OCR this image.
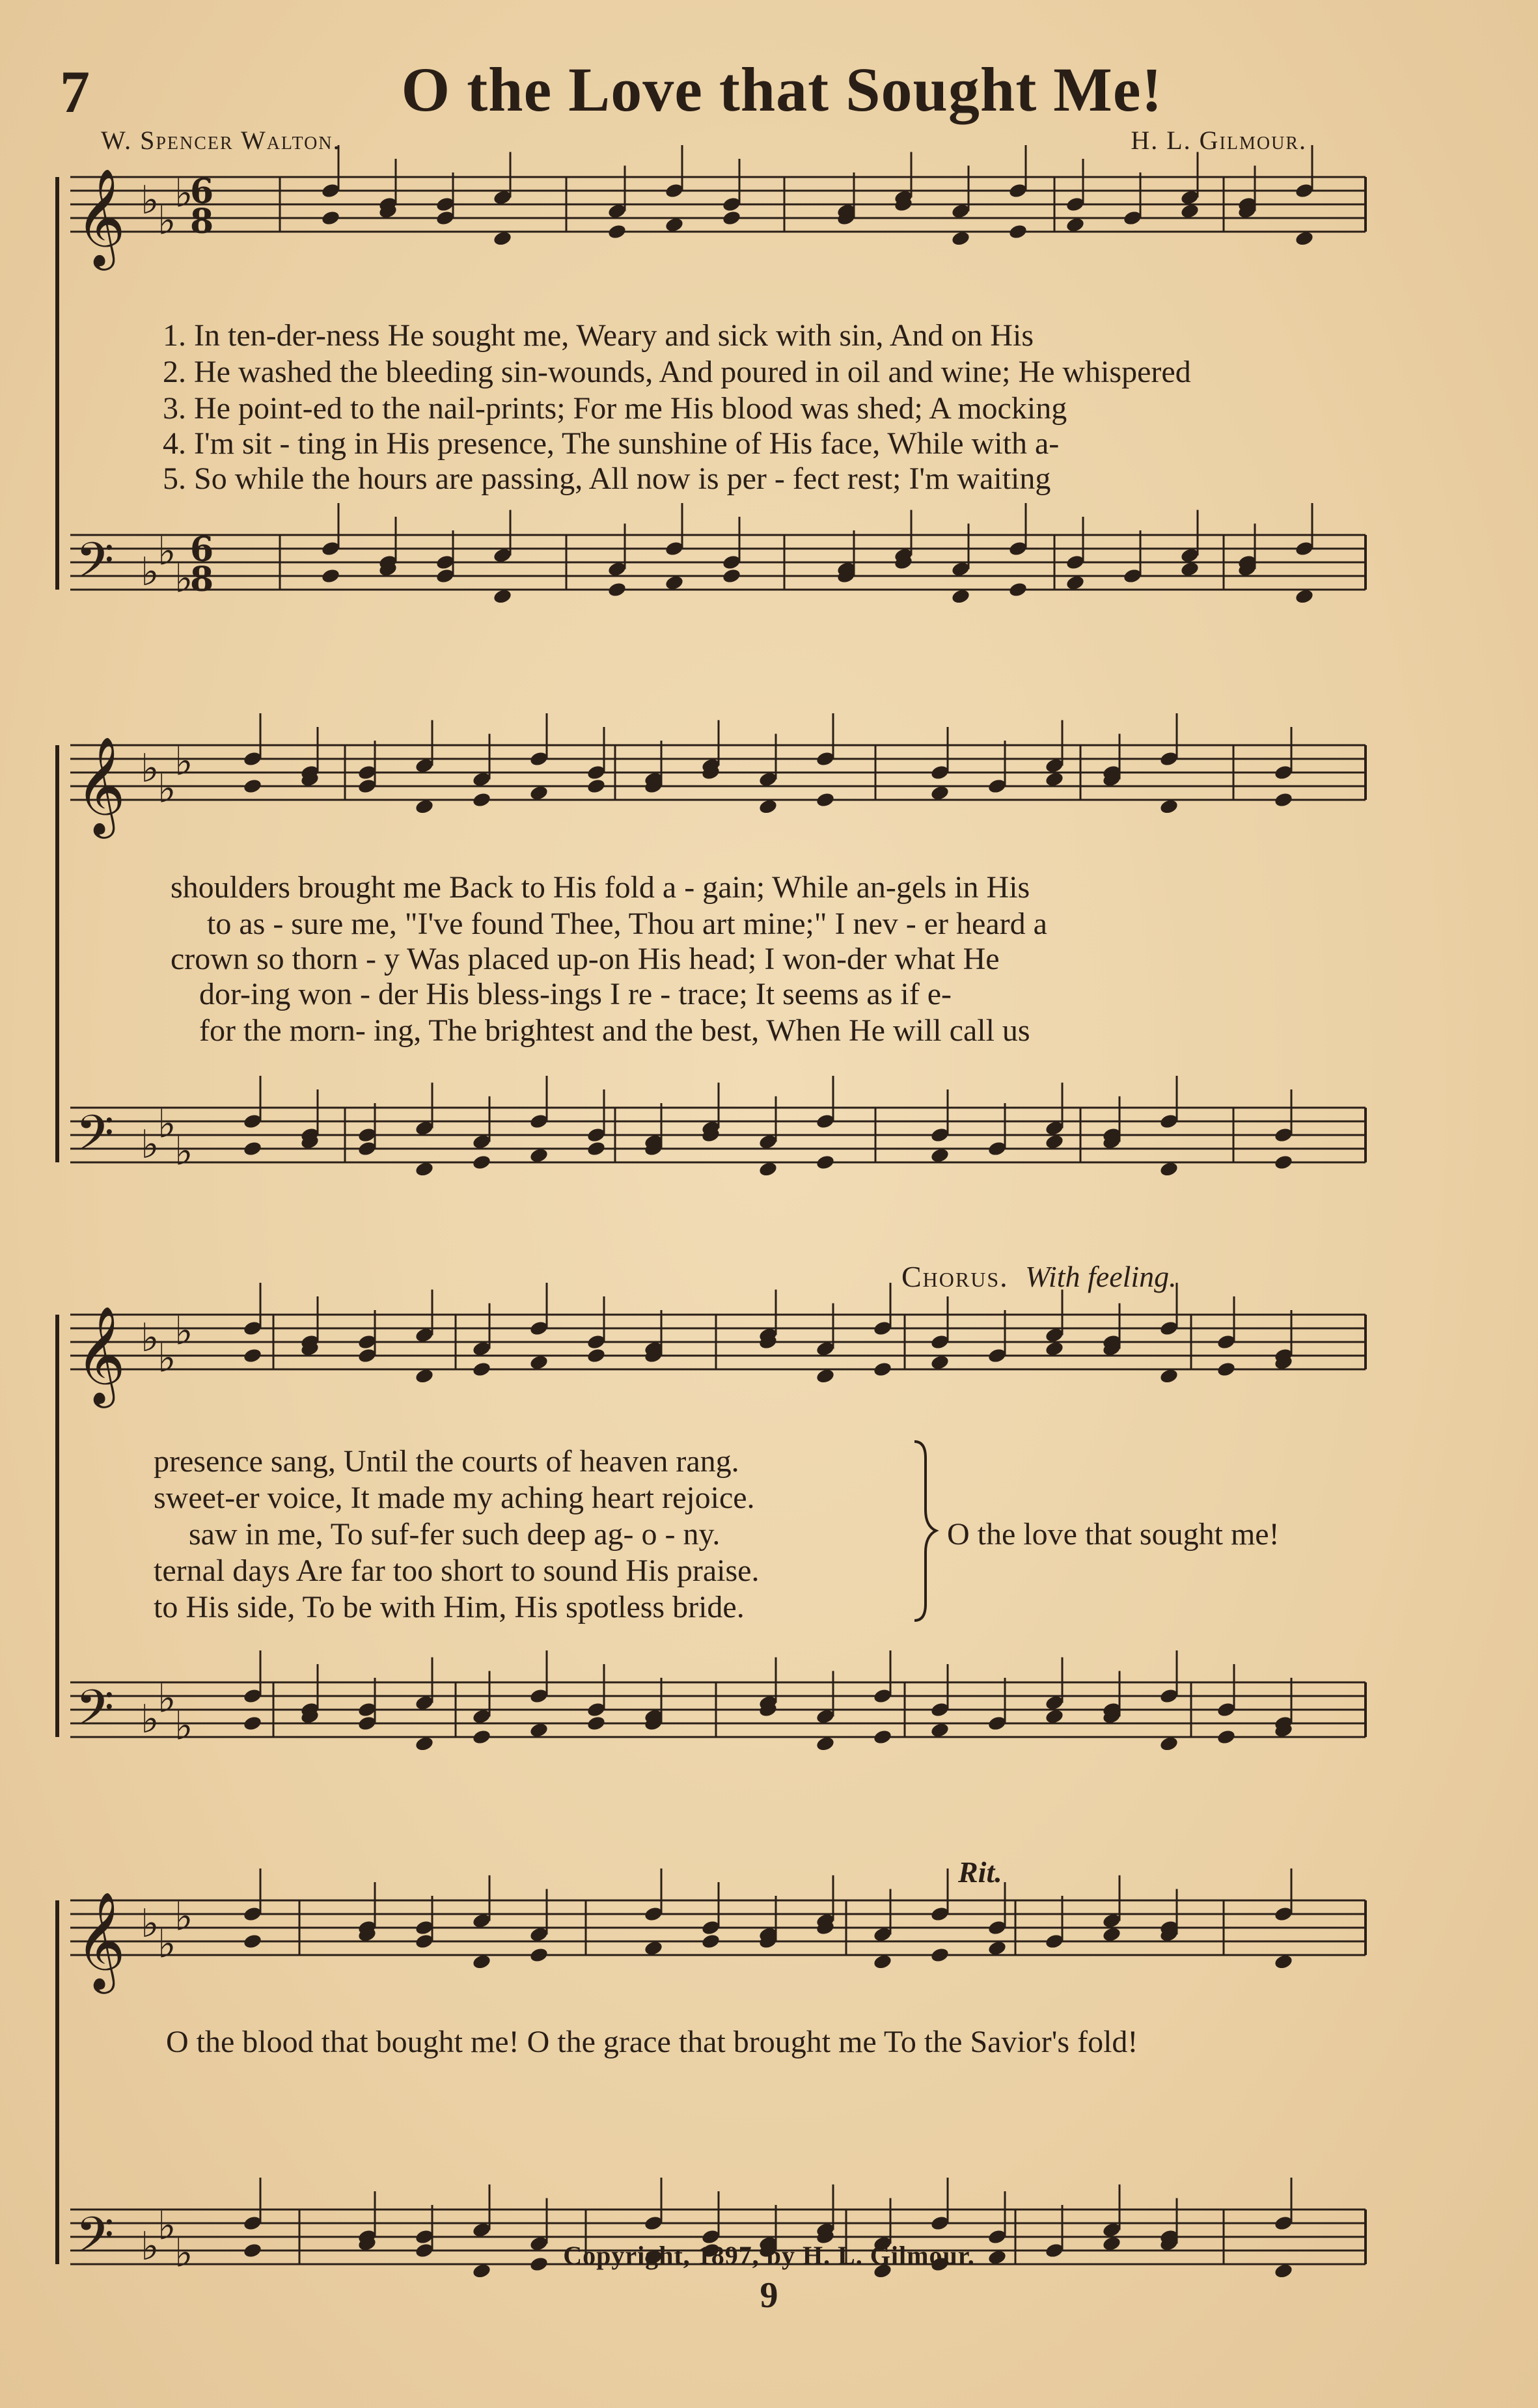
7	O the Love that Sought Me!
W. Spencer Walton.	H. L. Gilmour.
𝄞 ♭
♭
♭
𝄢 ♭
♭
♭
𝄞 ♭
♭
♭
𝄢 ♭
♭
♭
𝄞 ♭
♭
♭
𝄢 ♭
♭
♭
𝄞 ♭
♭
♭
𝄢 ♭
♭
♭
6
8
6
8
1. In ten-der-ness He sought me, Weary and sick with sin, And on His
2. He washed the bleeding sin-wounds, And poured in oil and wine; He whispered
3. He point-ed to the nail-prints; For me His blood was shed; A mocking
4. I'm sit - ting in His presence, The sunshine of His face, While with a-
5. So while the hours are passing, All now is per - fect rest; I'm waiting
shoulders brought me Back to His fold a - gain; While an-gels in His
to as - sure me, "I've found Thee, Thou art mine;" I nev - er heard a
crown so thorn - y Was placed up-on His head; I won-der what He
dor-ing won - der His bless-ings I re - trace; It seems as if e-
for the morn- ing, The brightest and the best, When He will call us
Chorus. With feeling.
presence sang, Until the courts of heaven rang.
sweet-er voice, It made my aching heart rejoice.
saw in me, To suf-fer such deep ag- o - ny.
ternal days Are far too short to sound His praise.
to His side, To be with Him, His spotless bride.
O the love that sought me!
Rit.
O the blood that bought me! O the grace that brought me To the Savior's fold!
Copyright, 1897, by H. L. Gilmour.
9
